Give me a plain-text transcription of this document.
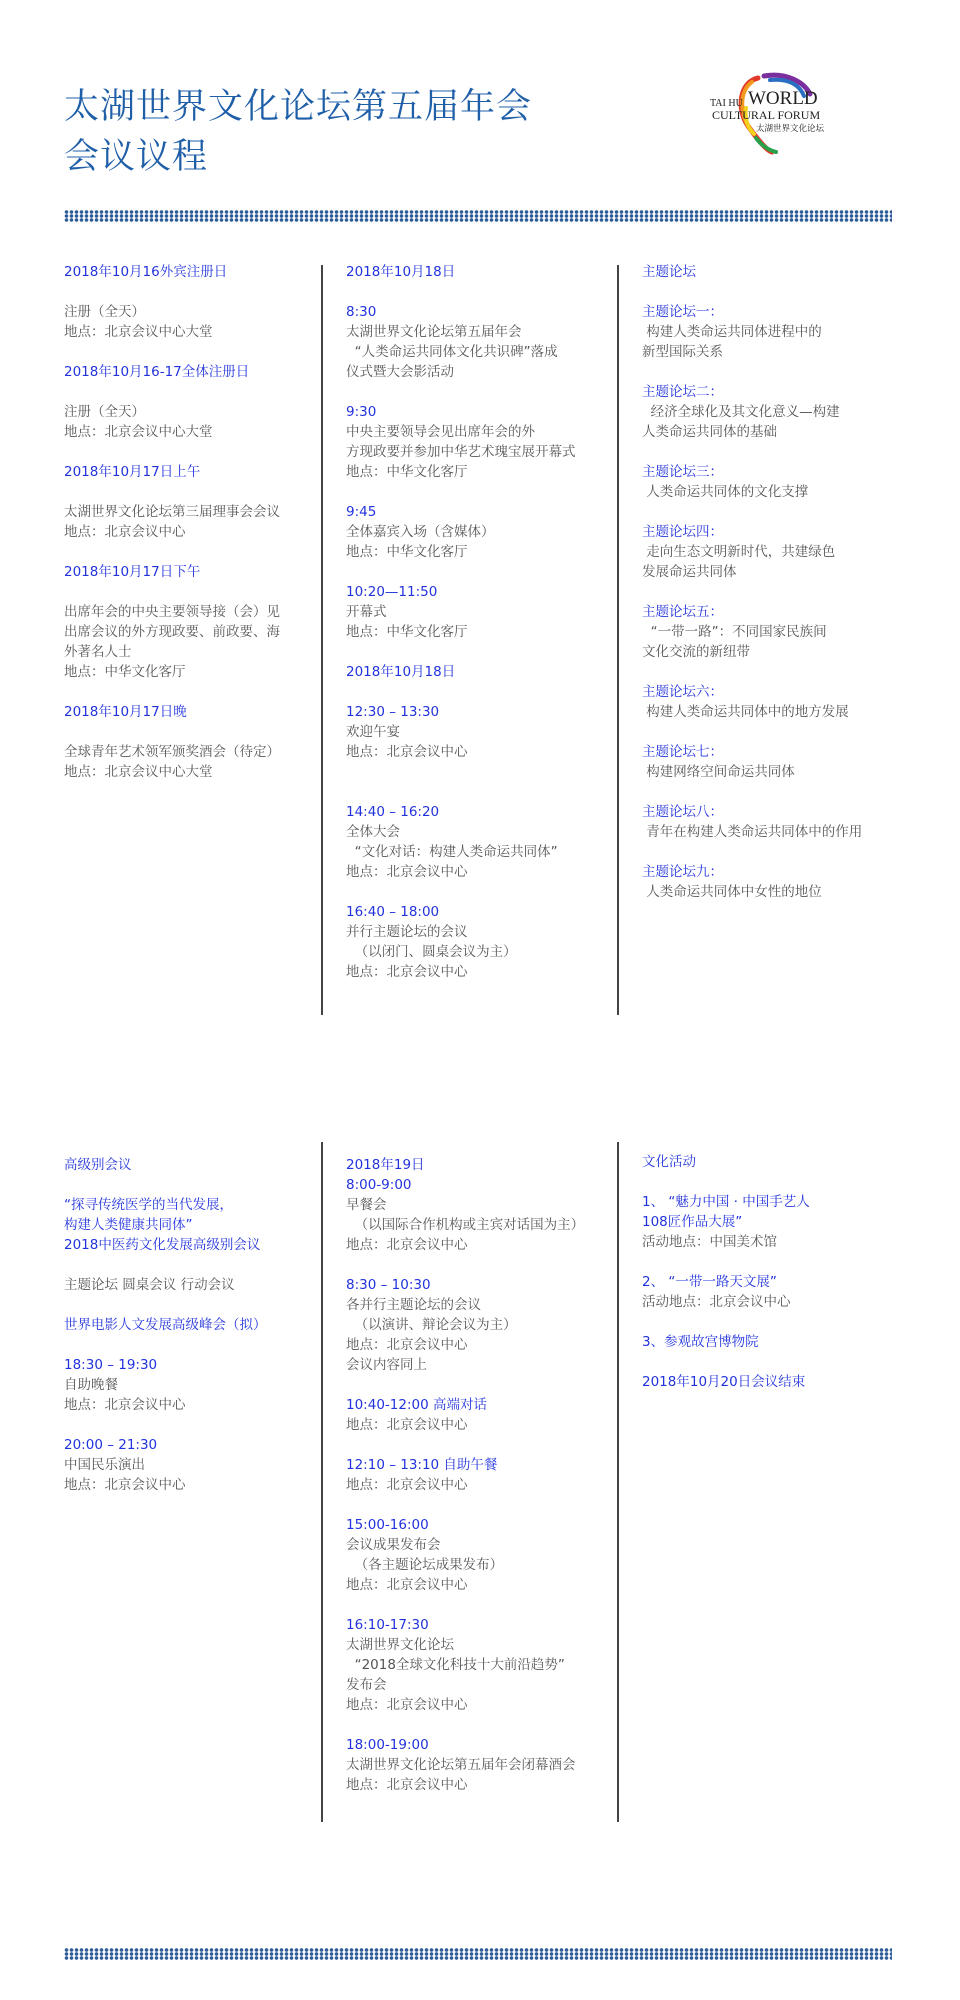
太湖世界文化论坛第五届年会
会议议程
TAI HU WORLD
CULTURAL FORUM
太湖世界文化论坛
2018年10月16外宾注册日
注册（全天）
地点：北京会议中心大堂
2018年10月16-17全体注册日
注册（全天）
地点：北京会议中心大堂
2018年10月17日上午
太湖世界文化论坛第三届理事会会议
地点：北京会议中心
2018年10月17日下午
出席年会的中央主要领导接（会）见
出席会议的外方现政要、前政要、海
外著名人士
地点：中华文化客厅
2018年10月17日晚
全球青年艺术领军颁奖酒会（待定）
地点：北京会议中心大堂
2018年10月18日
8:30
太湖世界文化论坛第五届年会
“人类命运共同体文化共识碑”落成
仪式暨大会影活动
9:30
中央主要领导会见出席年会的外
方现政要并参加中华艺术瑰宝展开幕式
地点：中华文化客厅
9:45
全体嘉宾入场（含媒体）
地点：中华文化客厅
10:20—11:50
开幕式
地点：中华文化客厅
2018年10月18日
12:30 – 13:30
欢迎午宴
地点：北京会议中心
14:40 – 16:20
全体大会
“文化对话：构建人类命运共同体”
地点：北京会议中心
16:40 – 18:00
并行主题论坛的会议
（以闭门、圆桌会议为主）
地点：北京会议中心
主题论坛
主题论坛一：
构建人类命运共同体进程中的
新型国际关系
主题论坛二：
经济全球化及其文化意义—构建
人类命运共同体的基础
主题论坛三：
人类命运共同体的文化支撑
主题论坛四：
走向生态文明新时代，共建绿色
发展命运共同体
主题论坛五：
“一带一路”：不同国家民族间
文化交流的新纽带
主题论坛六：
构建人类命运共同体中的地方发展
主题论坛七：
构建网络空间命运共同体
主题论坛八：
青年在构建人类命运共同体中的作用
主题论坛九：
人类命运共同体中女性的地位
高级别会议
“探寻传统医学的当代发展，
构建人类健康共同体”
2018中医药文化发展高级别会议
主题论坛 圆桌会议 行动会议
世界电影人文发展高级峰会（拟）
18:30 – 19:30
自助晚餐
地点：北京会议中心
20:00 – 21:30
中国民乐演出
地点：北京会议中心
2018年19日
8:00-9:00
早餐会
（以国际合作机构或主宾对话国为主）
地点：北京会议中心
8:30 – 10:30
各并行主题论坛的会议
（以演讲、辩论会议为主）
地点：北京会议中心
会议内容同上
10:40-12:00 高端对话
地点：北京会议中心
12:10 – 13:10 自助午餐
地点：北京会议中心
15:00-16:00
会议成果发布会
（各主题论坛成果发布）
地点：北京会议中心
16:10-17:30
太湖世界文化论坛
“2018全球文化科技十大前沿趋势”
发布会
地点：北京会议中心
18:00-19:00
太湖世界文化论坛第五届年会闭幕酒会
地点：北京会议中心
文化活动
1、 “魅力中国 · 中国手艺人
108匠作品大展”
活动地点：中国美术馆
2、 “一带一路天文展”
活动地点：北京会议中心
3、参观故宫博物院
2018年10月20日会议结束
